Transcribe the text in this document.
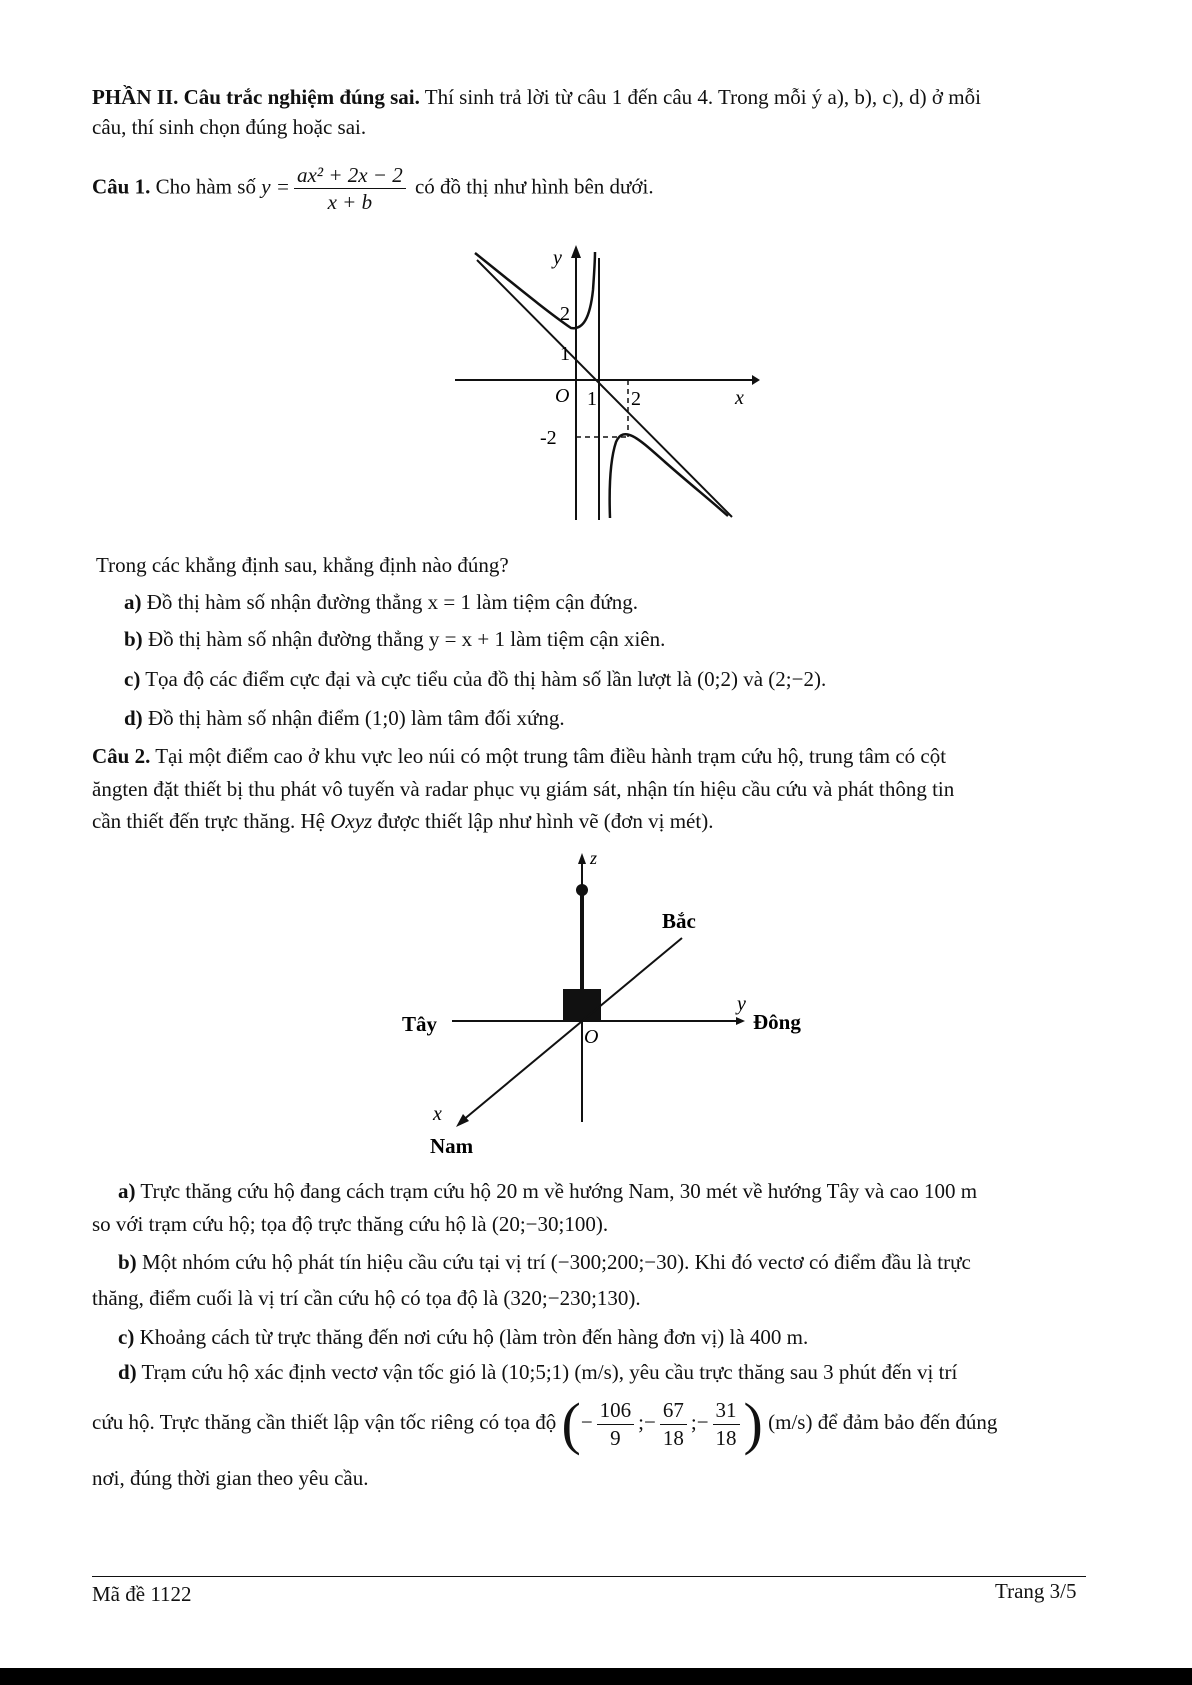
PHẦN II. Câu trắc nghiệm đúng sai. Thí sinh trả lời từ câu 1 đến câu 4. Trong mỗi ý a), b), c), d) ở mỗi

câu, thí sinh chọn đúng hoặc sai.

Câu 1. Cho hàm số $y = \frac{\text{ax² + 2x − 2}}{x + b}$ có đồ thị như hình bên dưới.

y
x
O 1 2
2
1
-2

Trong các khẳng định sau, khẳng định nào đúng?

a) Đồ thị hàm số nhận đường thẳng x = 1 làm tiệm cận đứng.

b) Đồ thị hàm số nhận đường thẳng y = x + 1 làm tiệm cận xiên.

c) Tọa độ các điểm cực đại và cực tiểu của đồ thị hàm số lần lượt là (0;2) và (2;−2).

d) Đồ thị hàm số nhận điểm (1;0) làm tâm đối xứng.

Câu 2. Tại một điểm cao ở khu vực leo núi có một trung tâm điều hành trạm cứu hộ, trung tâm có cột

ăngten đặt thiết bị thu phát vô tuyến và radar phục vụ giám sát, nhận tín hiệu cầu cứu và phát thông tin

cần thiết đến trực thăng. Hệ Oxyz được thiết lập như hình vẽ (đơn vị mét).

z
y
x
O
Bắc
Nam
Đông
Tây

a) Trực thăng cứu hộ đang cách trạm cứu hộ 20 m về hướng Nam, 30 mét về hướng Tây và cao 100 m

so với trạm cứu hộ; tọa độ trực thăng cứu hộ là (20;−30;100).

b) Một nhóm cứu hộ phát tín hiệu cầu cứu tại vị trí (−300;200;−30). Khi đó vectơ có điểm đầu là trực

thăng, điểm cuối là vị trí cần cứu hộ có tọa độ là (320;−230;130).

c) Khoảng cách từ trực thăng đến nơi cứu hộ (làm tròn đến hàng đơn vị) là 400 m.

d) Trạm cứu hộ xác định vectơ vận tốc gió là (10;5;1) (m/s), yêu cầu trực thăng sau 3 phút đến vị trí

cứu hộ. Trực thăng cần thiết lập vận tốc riêng có tọa độ (− $\frac{106}{9}$ ;− $\frac{67}{18}$ ;− $\frac{31}{18}$ ) (m/s) để đảm bảo đến đúng

nơi, đúng thời gian theo yêu cầu.

Mã đề 1122	Trang 3/5
